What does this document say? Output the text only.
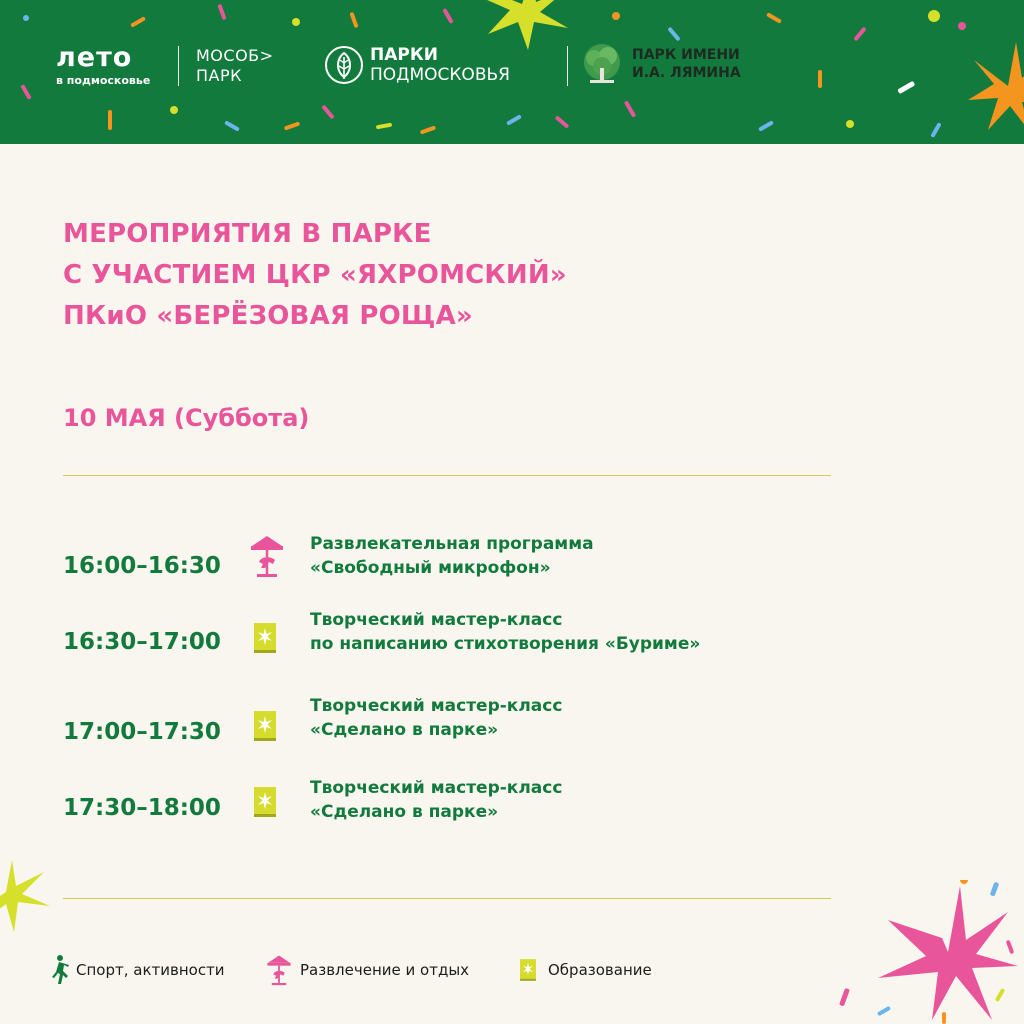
лето
в подмосковье
МОСОБ>
ПАРК
ПАРКИ
ПОДМОСКОВЬЯ
ПАРК ИМЕНИ
И.А. ЛЯМИНА
МЕРОПРИЯТИЯ В ПАРКЕ
С УЧАСТИЕМ ЦКР «ЯХРОМСКИЙ»
ПКиО «БЕРЁЗОВАЯ РОЩА»
10 МАЯ (Суббота)
16:00–16:30
Развлекательная программа
«Свободный микрофон»
16:30–17:00
Творческий мастер-класс
по написанию стихотворения «Буриме»
17:00–17:30
Творческий мастер-класс
«Сделано в парке»
17:30–18:00
Творческий мастер-класс
«Сделано в парке»
Спорт, активности	Развлечение и отдых	Образование
